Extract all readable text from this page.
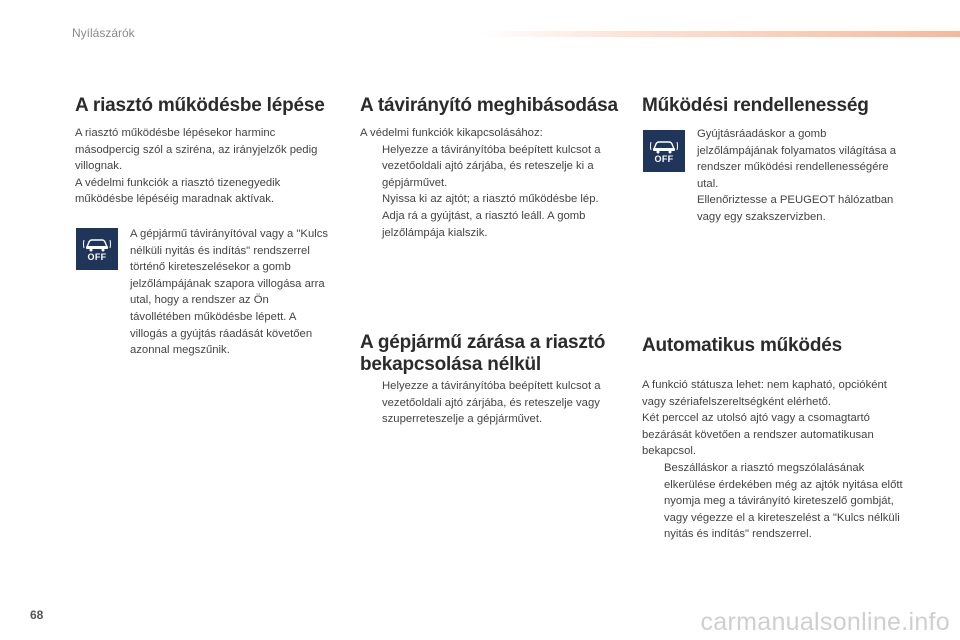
Nyílászárók
A riasztó működésbe lépése

A riasztó működésbe lépésekor harminc másodpercig szól a sziréna, az irányjelzők pedig villognak.

A védelmi funkciók a riasztó tizenegyedik működésbe lépéséig maradnak aktívak.

OFF

A gépjármű távirányítóval vagy a "Kulcs nélküli nyitás és indítás" rendszerrel történő kireteszelésekor a gomb jelzőlámpájának szapora villogása arra utal, hogy a rendszer az Ön távollétében működésbe lépett. A villogás a gyújtás ráadását követően azonnal megszűnik.

A távirányító meghibásodása

A védelmi funkciók kikapcsolásához:

Helyezze a távirányítóba beépített kulcsot a vezetőoldali ajtó zárjába, és reteszelje ki a gépjárművet.
Nyissa ki az ajtót; a riasztó működésbe lép.
Adja rá a gyújtást, a riasztó leáll. A gomb jelzőlámpája kialszik.
A gépjármű zárása a riasztó
bekapcsolása nélkül
Helyezze a távirányítóba beépített kulcsot a vezetőoldali ajtó zárjába, és reteszelje vagy szuperreteszelje a gépjárművet.
Működési rendellenesség
OFF

Gyújtásráadáskor a gomb jelzőlámpájának folyamatos világítása a rendszer működési rendellenességére utal.

Ellenőriztesse a PEUGEOT hálózatban vagy egy szakszervizben.

Automatikus működés

A funkció státusza lehet: nem kapható, opcióként vagy szériafelszereltségként elérhető.

Két perccel az utolsó ajtó vagy a csomagtartó bezárását követően a rendszer automatikusan bekapcsol.

Beszálláskor a riasztó megszólalásának elkerülése érdekében még az ajtók nyitása előtt nyomja meg a távirányító kireteszelő gombját, vagy végezze el a kireteszelést a "Kulcs nélküli nyitás és indítás" rendszerrel.
68	carmanualsonline.info
